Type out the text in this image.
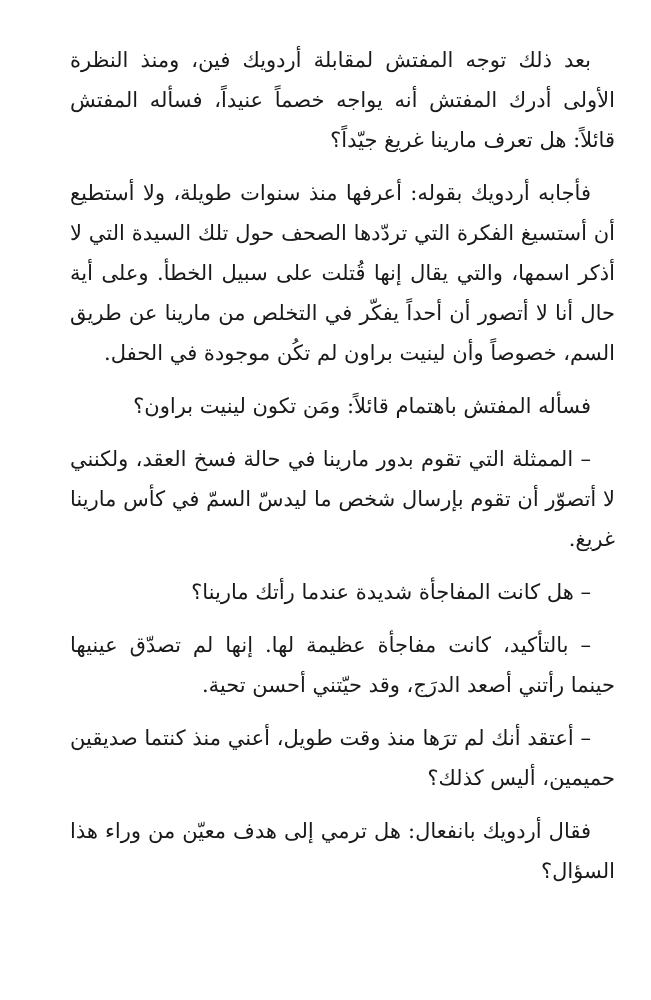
بعد ذلك توجه المفتش لمقابلة أردويك فين، ومنذ النظرة الأولى أدرك المفتش أنه يواجه خصماً عنيداً، فسأله المفتش قائلاً: هل تعرف مارينا غريغ جيّداً؟

فأجابه أردويك بقوله: أعرفها منذ سنوات طويلة، ولا أستطيع أن أستسيغ الفكرة التي تردّدها الصحف حول تلك السيدة التي لا أذكر اسمها، والتي يقال إنها قُتلت على سبيل الخطأ. وعلى أية حال أنا لا أتصور أن أحداً يفكّر في التخلص من مارينا عن طريق السم، خصوصاً وأن لينيت براون لم تكُن موجودة في الحفل.

فسأله المفتش باهتمام قائلاً: ومَن تكون لينيت براون؟

– الممثلة التي تقوم بدور مارينا في حالة فسخ العقد، ولكنني لا أتصوّر أن تقوم بإرسال شخص ما ليدسّ السمّ في كأس مارينا غريغ.

– هل كانت المفاجأة شديدة عندما رأتك مارينا؟

– بالتأكيد، كانت مفاجأة عظيمة لها. إنها لم تصدّق عينيها حينما رأتني أصعد الدرَج، وقد حيّتني أحسن تحية.

– أعتقد أنك لم ترَها منذ وقت طويل، أعني منذ كنتما صديقين حميمين، أليس كذلك؟

فقال أردويك بانفعال: هل ترمي إلى هدف معيّن من وراء هذا السؤال؟
